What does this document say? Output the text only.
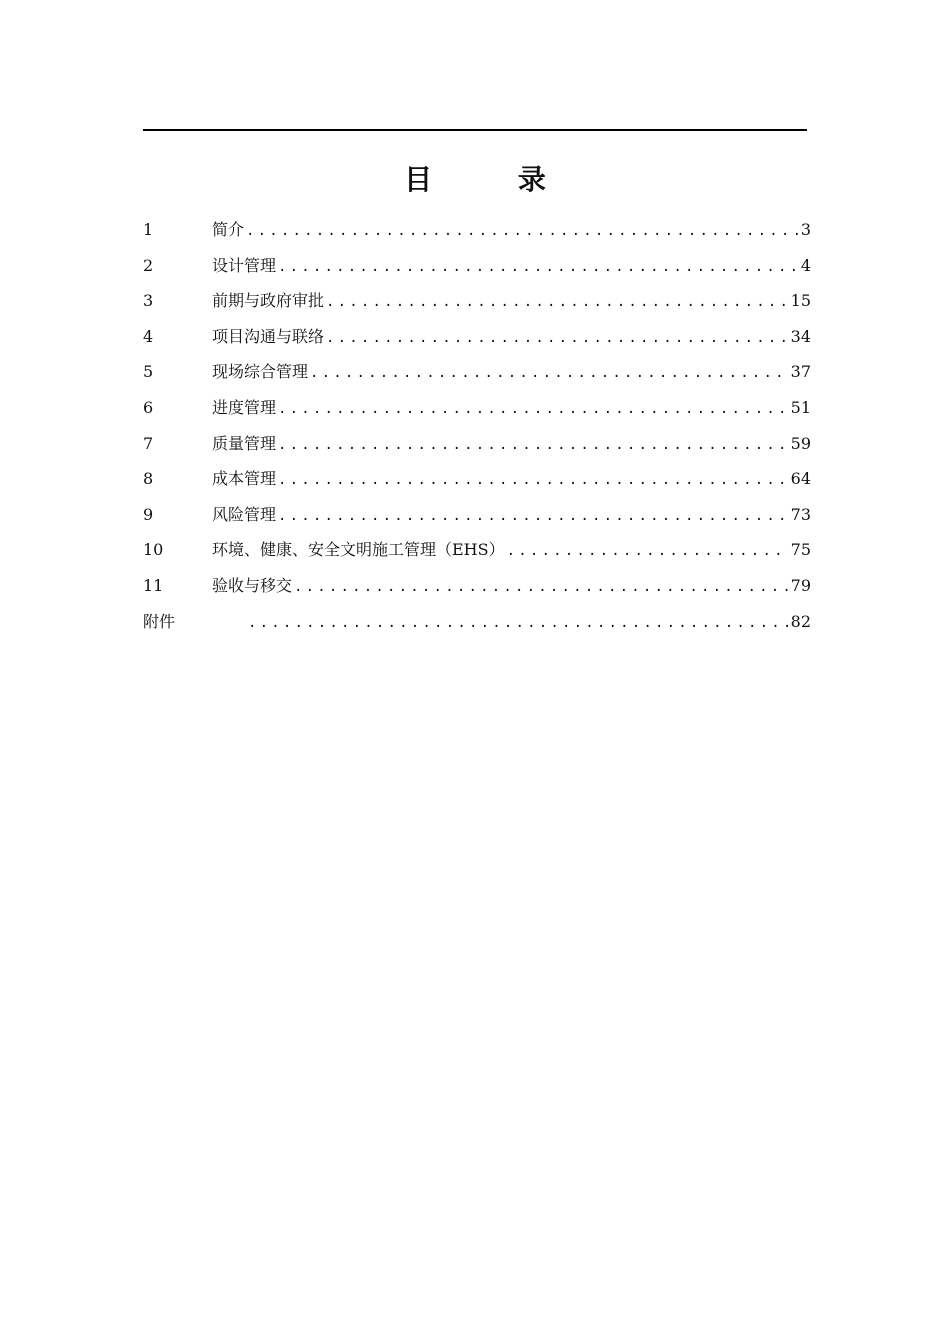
目 录
1	简介 .....	3
2	设计管理 .....	4
3	前期与政府审批 .....	15
4	项目沟通与联络 .....	34
5	现场综合管理 .....	37
6	进度管理 .....	51
7	质量管理 .....	59
8	成本管理 .....	64
9	风险管理 .....	73
10	环境、健康、安全文明施工管理（EHS） .....	75
11	验收与移交 .....	79
附件 .....	82
